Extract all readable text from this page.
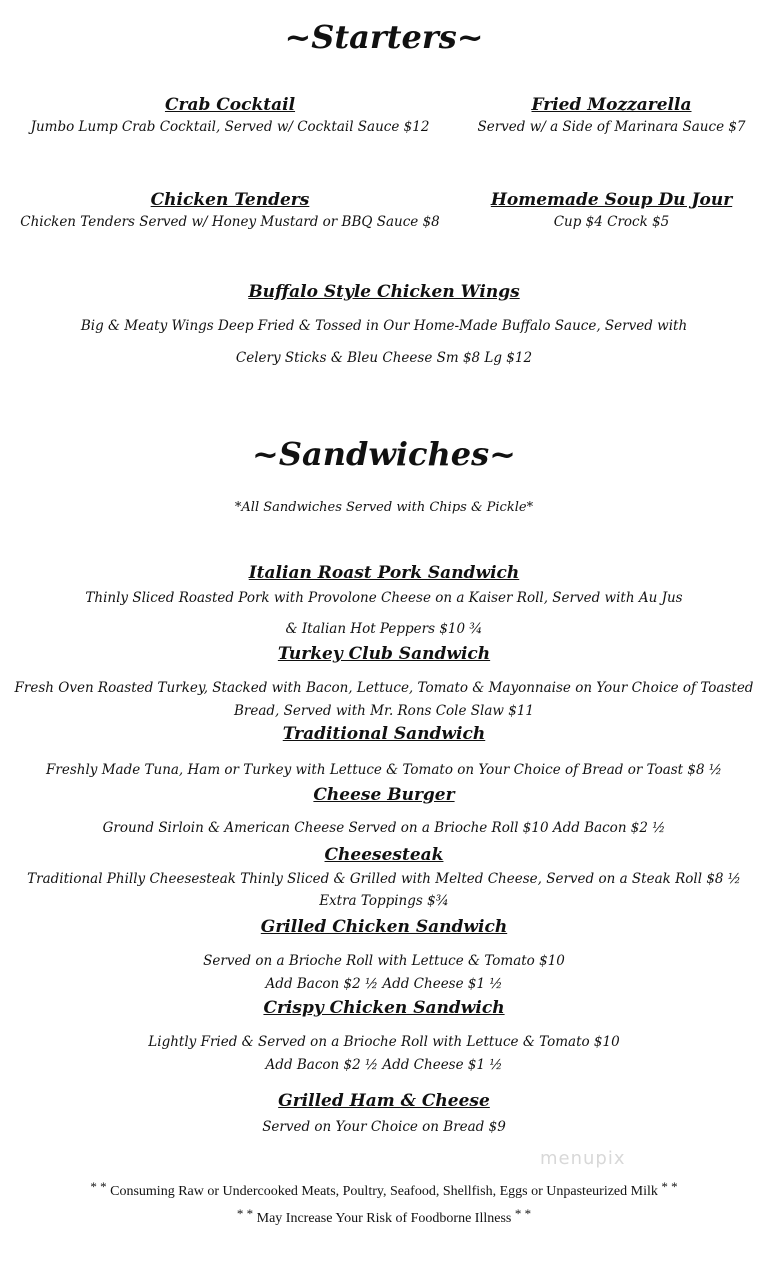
~Starters~
Crab Cocktail
Jumbo Lump Crab Cocktail, Served w/ Cocktail Sauce $12
Fried Mozzarella
Served w/ a Side of Marinara Sauce $7
Chicken Tenders
Chicken Tenders Served w/ Honey Mustard or BBQ Sauce $8
Homemade Soup Du Jour
Cup $4 Crock $5
Buffalo Style Chicken Wings
Big & Meaty Wings Deep Fried & Tossed in Our Home-Made Buffalo Sauce, Served with
Celery Sticks & Bleu Cheese Sm $8 Lg $12
~Sandwiches~
*All Sandwiches Served with Chips & Pickle*
Italian Roast Pork Sandwich
Thinly Sliced Roasted Pork with Provolone Cheese on a Kaiser Roll, Served with Au Jus
& Italian Hot Peppers $10 ¾
Turkey Club Sandwich
Fresh Oven Roasted Turkey, Stacked with Bacon, Lettuce, Tomato & Mayonnaise on Your Choice of Toasted
Bread, Served with Mr. Rons Cole Slaw $11
Traditional Sandwich
Freshly Made Tuna, Ham or Turkey with Lettuce & Tomato on Your Choice of Bread or Toast $8 ½
Cheese Burger
Ground Sirloin & American Cheese Served on a Brioche Roll $10 Add Bacon $2 ½
Cheesesteak
Traditional Philly Cheesesteak Thinly Sliced & Grilled with Melted Cheese, Served on a Steak Roll $8 ½
Extra Toppings $¾
Grilled Chicken Sandwich
Served on a Brioche Roll with Lettuce & Tomato $10
Add Bacon $2 ½ Add Cheese $1 ½
Crispy Chicken Sandwich
Lightly Fried & Served on a Brioche Roll with Lettuce & Tomato $10
Add Bacon $2 ½ Add Cheese $1 ½
Grilled Ham & Cheese
Served on Your Choice on Bread $9
menupix
* * Consuming Raw or Undercooked Meats, Poultry, Seafood, Shellfish, Eggs or Unpasteurized Milk * *
* * May Increase Your Risk of Foodborne Illness * *
